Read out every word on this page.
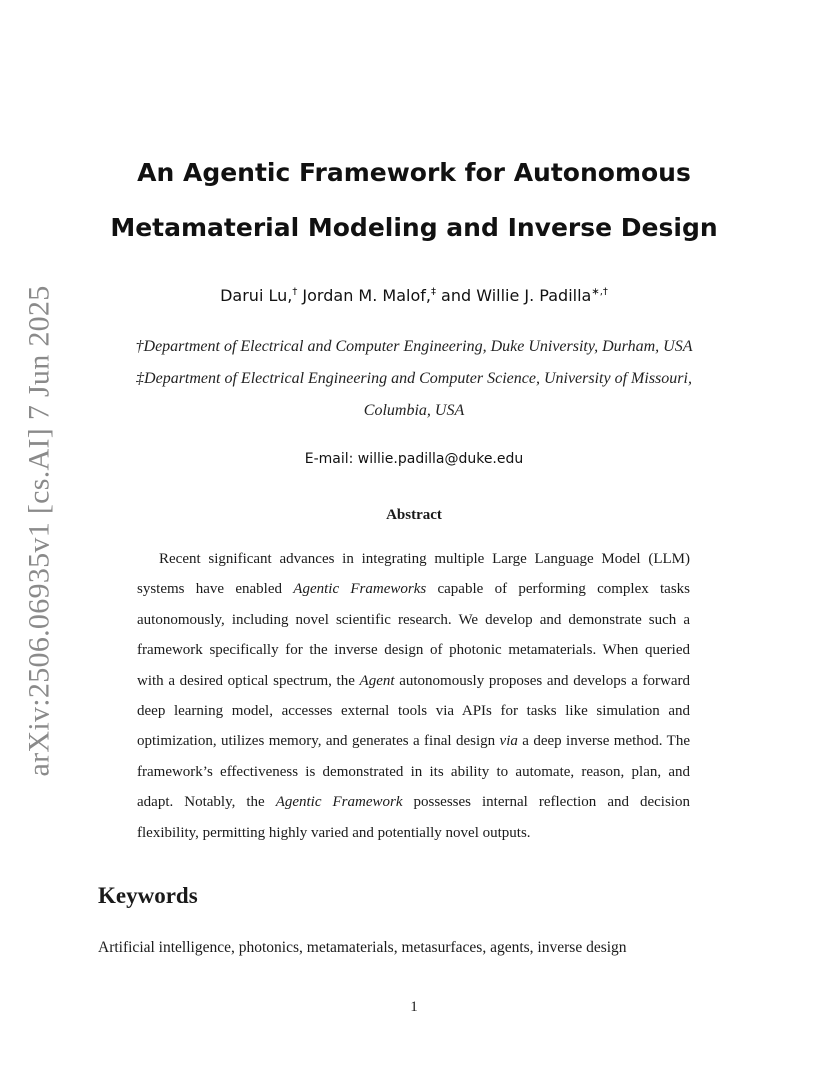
arXiv:2506.06935v1 [cs.AI] 7 Jun 2025
An Agentic Framework for Autonomous
Metamaterial Modeling and Inverse Design
Darui Lu,† Jordan M. Malof,‡ and Willie J. Padilla∗,†
†Department of Electrical and Computer Engineering, Duke University, Durham, USA
‡Department of Electrical Engineering and Computer Science, University of Missouri,
Columbia, USA
E-mail: willie.padilla@duke.edu
Abstract

Recent significant advances in integrating multiple Large Language Model (LLM) systems have enabled Agentic Frameworks capable of performing complex tasks autonomously, including novel scientific research. We develop and demonstrate such a framework specifically for the inverse design of photonic metamaterials. When queried with a desired optical spectrum, the Agent autonomously proposes and develops a forward deep learning model, accesses external tools via APIs for tasks like simulation and optimization, utilizes memory, and generates a final design via a deep inverse method. The framework’s effectiveness is demonstrated in its ability to automate, reason, plan, and adapt. Notably, the Agentic Framework possesses internal reflection and decision flexibility, permitting highly varied and potentially novel outputs.

Keywords
Artificial intelligence, photonics, metamaterials, metasurfaces, agents, inverse design
1
